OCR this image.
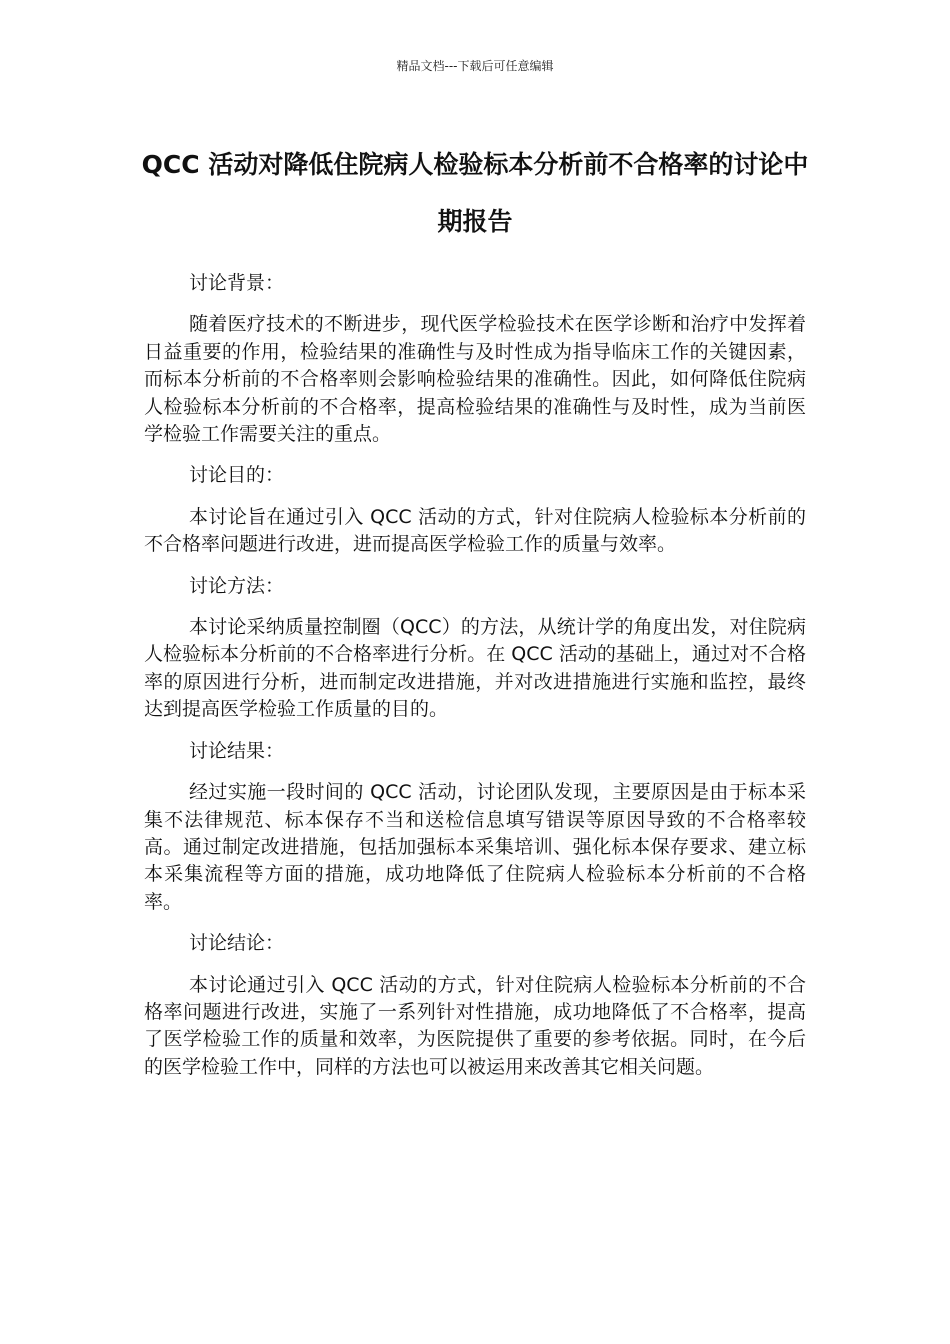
精品文档---下载后可任意编辑
QCC 活动对降低住院病人检验标本分析前不合格率的讨论中期报告

讨论背景：

随着医疗技术的不断进步，现代医学检验技术在医学诊断和治疗中发挥着日益重要的作用，检验结果的准确性与及时性成为指导临床工作的关键因素，而标本分析前的不合格率则会影响检验结果的准确性。因此，如何降低住院病人检验标本分析前的不合格率，提高检验结果的准确性与及时性，成为当前医学检验工作需要关注的重点。

讨论目的：

本讨论旨在通过引入 QCC 活动的方式，针对住院病人检验标本分析前的不合格率问题进行改进，进而提高医学检验工作的质量与效率。

讨论方法：

本讨论采纳质量控制圈（QCC）的方法，从统计学的角度出发，对住院病人检验标本分析前的不合格率进行分析。在 QCC 活动的基础上，通过对不合格率的原因进行分析，进而制定改进措施，并对改进措施进行实施和监控，最终达到提高医学检验工作质量的目的。

讨论结果：

经过实施一段时间的 QCC 活动，讨论团队发现，主要原因是由于标本采集不法律规范、标本保存不当和送检信息填写错误等原因导致的不合格率较高。通过制定改进措施，包括加强标本采集培训、强化标本保存要求、建立标本采集流程等方面的措施，成功地降低了住院病人检验标本分析前的不合格率。

讨论结论：

本讨论通过引入 QCC 活动的方式，针对住院病人检验标本分析前的不合格率问题进行改进，实施了一系列针对性措施，成功地降低了不合格率，提高了医学检验工作的质量和效率，为医院提供了重要的参考依据。同时，在今后的医学检验工作中，同样的方法也可以被运用来改善其它相关问题。
